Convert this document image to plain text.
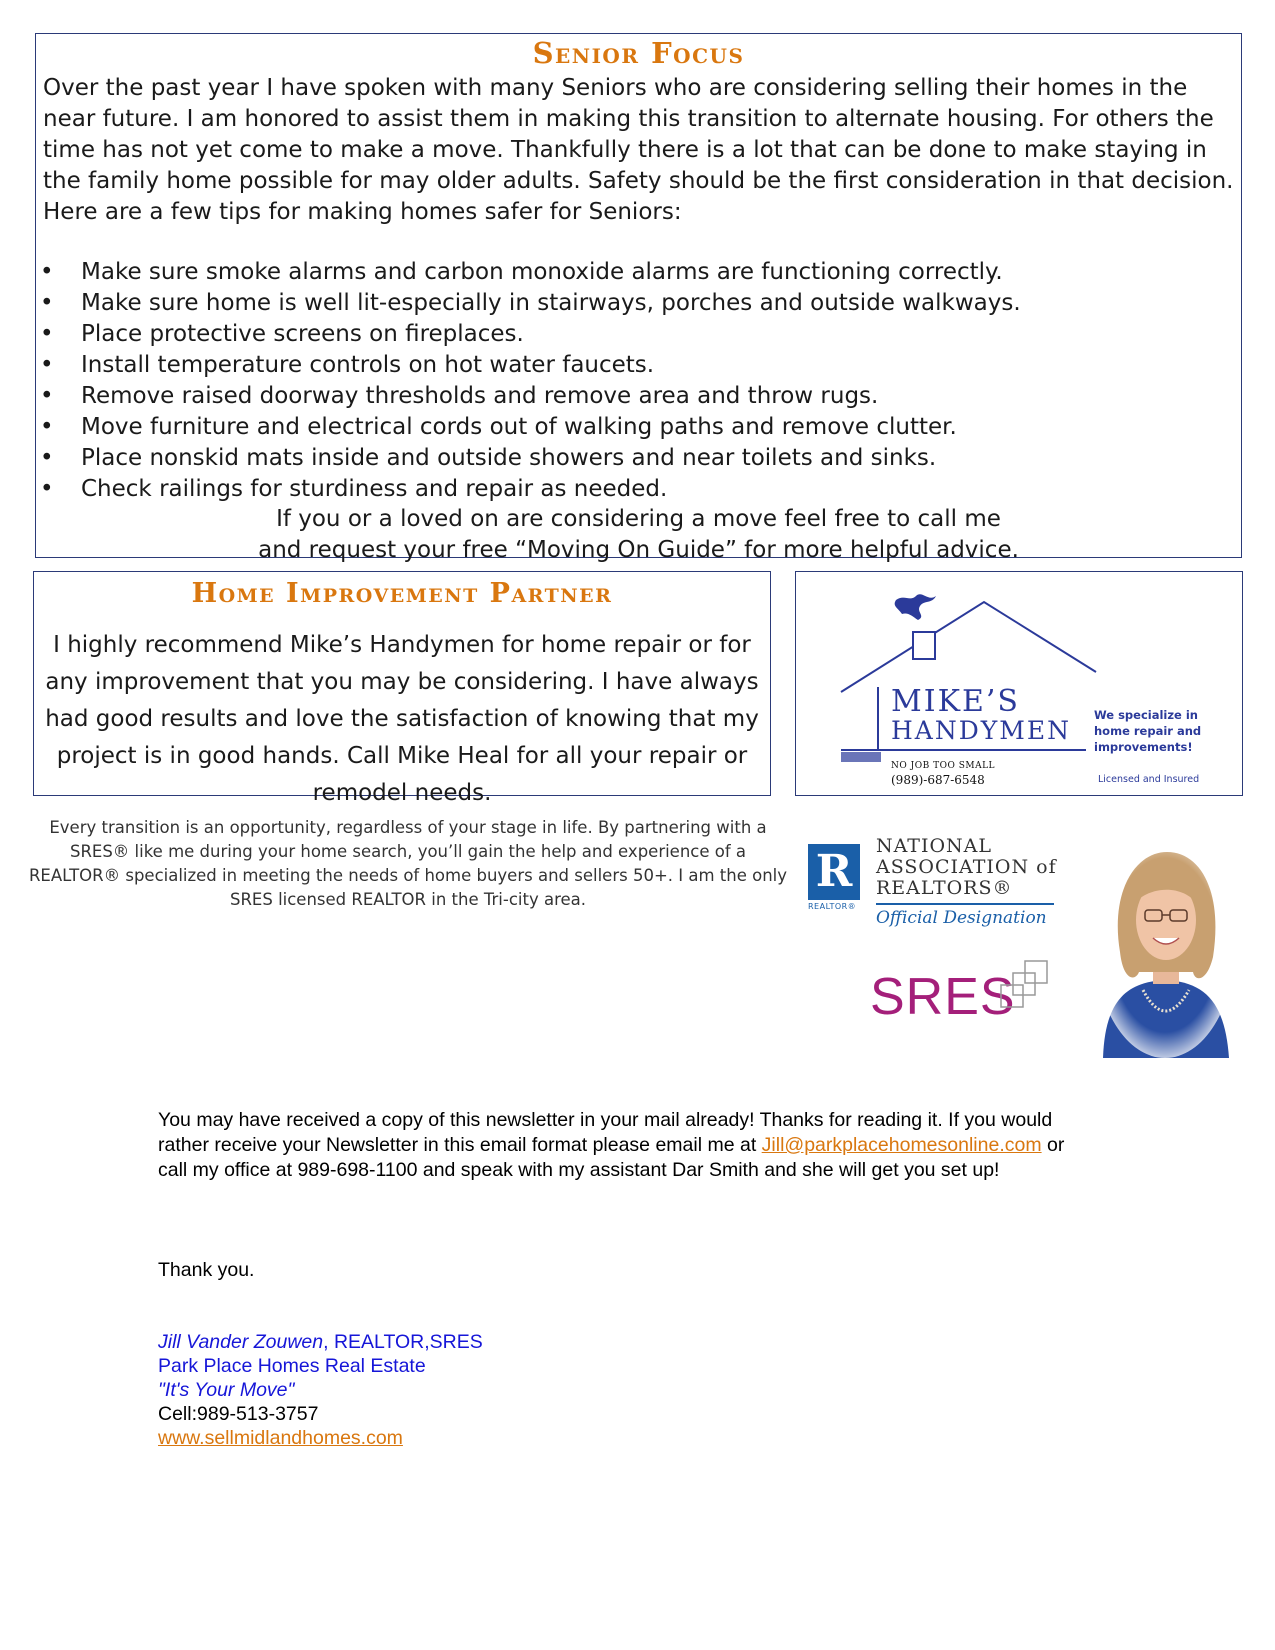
Senior Focus
Over the past year I have spoken with many Seniors who are considering selling their homes in the near future. I am honored to assist them in making this transition to alternate housing. For others the time has not yet come to make a move. Thankfully there is a lot that can be done to make staying in the family home possible for may older adults. Safety should be the first consideration in that decision. Here are a few tips for making homes safer for Seniors:
• Make sure smoke alarms and carbon monoxide alarms are functioning correctly.
• Make sure home is well lit-especially in stairways, porches and outside walkways.
• Place protective screens on fireplaces.
• Install temperature controls on hot water faucets.
• Remove raised doorway thresholds and remove area and throw rugs.
• Move furniture and electrical cords out of walking paths and remove clutter.
• Place nonskid mats inside and outside showers and near toilets and sinks.
• Check railings for sturdiness and repair as needed.
If you or a loved on are considering a move feel free to call me
and request your free “Moving On Guide” for more helpful advice.
Home Improvement Partner
I highly recommend Mike’s Handymen for home repair or for any improvement that you may be considering. I have always had good results and love the satisfaction of knowing that my project is in good hands. Call Mike Heal for all your repair or remodel needs.
MIKE’S
HANDYMEN
NO JOB TOO SMALL
(989)-687-6548
We specialize in home repair and improvements!
Licensed and Insured
Every transition is an opportunity, regardless of your stage in life. By partnering with a SRES® like me during your home search, you’ll gain the help and experience of a REALTOR® specialized in meeting the needs of home buyers and sellers 50+. I am the only SRES licensed REALTOR in the Tri-city area.
R
REALTOR®
NATIONAL
ASSOCIATION of
REALTORS®
Official Designation
SRES
You may have received a copy of this newsletter in your mail already! Thanks for reading it. If you would rather receive your Newsletter in this email format please email me at Jill@parkplacehomesonline.com or call my office at 989-698-1100 and speak with my assistant Dar Smith and she will get you set up!
Thank you.
Jill Vander Zouwen, REALTOR,SRES
Park Place Homes Real Estate
"It's Your Move"
Cell:989-513-3757
www.sellmidlandhomes.com
